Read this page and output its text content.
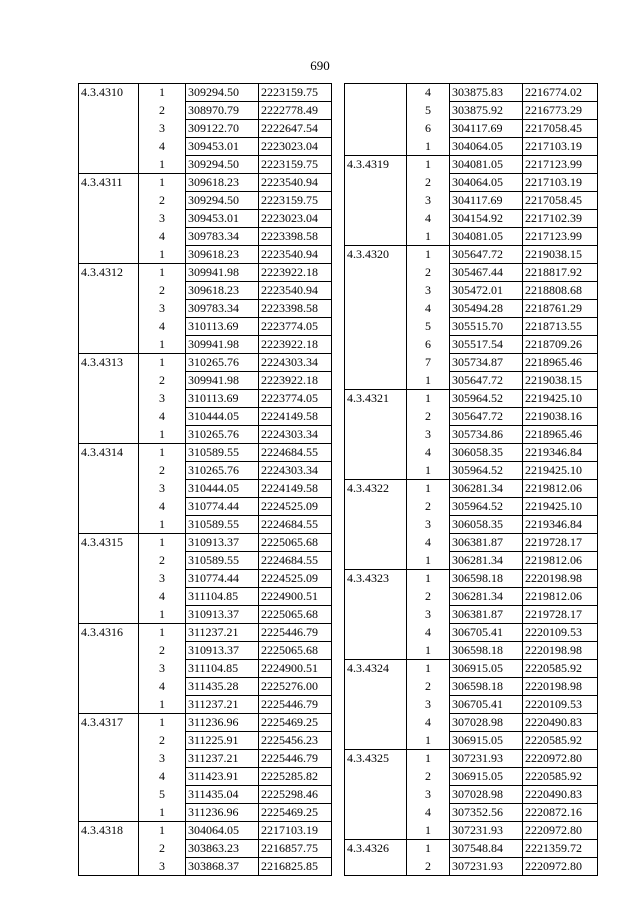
690
4.3.4310	1	309294.50	2223159.75
	2	308970.79	2222778.49
	3	309122.70	2222647.54
	4	309453.01	2223023.04
	1	309294.50	2223159.75
4.3.4311	1	309618.23	2223540.94
	2	309294.50	2223159.75
	3	309453.01	2223023.04
	4	309783.34	2223398.58
	1	309618.23	2223540.94
4.3.4312	1	309941.98	2223922.18
	2	309618.23	2223540.94
	3	309783.34	2223398.58
	4	310113.69	2223774.05
	1	309941.98	2223922.18
4.3.4313	1	310265.76	2224303.34
	2	309941.98	2223922.18
	3	310113.69	2223774.05
	4	310444.05	2224149.58
	1	310265.76	2224303.34
4.3.4314	1	310589.55	2224684.55
	2	310265.76	2224303.34
	3	310444.05	2224149.58
	4	310774.44	2224525.09
	1	310589.55	2224684.55
4.3.4315	1	310913.37	2225065.68
	2	310589.55	2224684.55
	3	310774.44	2224525.09
	4	311104.85	2224900.51
	1	310913.37	2225065.68
4.3.4316	1	311237.21	2225446.79
	2	310913.37	2225065.68
	3	311104.85	2224900.51
	4	311435.28	2225276.00
	1	311237.21	2225446.79
4.3.4317	1	311236.96	2225469.25
	2	311225.91	2225456.23
	3	311237.21	2225446.79
	4	311423.91	2225285.82
	5	311435.04	2225298.46
	1	311236.96	2225469.25
4.3.4318	1	304064.05	2217103.19
	2	303863.23	2216857.75
	3	303868.37	2216825.85
	4	303875.83	2216774.02
	5	303875.92	2216773.29
	6	304117.69	2217058.45
	1	304064.05	2217103.19
4.3.4319	1	304081.05	2217123.99
	2	304064.05	2217103.19
	3	304117.69	2217058.45
	4	304154.92	2217102.39
	1	304081.05	2217123.99
4.3.4320	1	305647.72	2219038.15
	2	305467.44	2218817.92
	3	305472.01	2218808.68
	4	305494.28	2218761.29
	5	305515.70	2218713.55
	6	305517.54	2218709.26
	7	305734.87	2218965.46
	1	305647.72	2219038.15
4.3.4321	1	305964.52	2219425.10
	2	305647.72	2219038.16
	3	305734.86	2218965.46
	4	306058.35	2219346.84
	1	305964.52	2219425.10
4.3.4322	1	306281.34	2219812.06
	2	305964.52	2219425.10
	3	306058.35	2219346.84
	4	306381.87	2219728.17
	1	306281.34	2219812.06
4.3.4323	1	306598.18	2220198.98
	2	306281.34	2219812.06
	3	306381.87	2219728.17
	4	306705.41	2220109.53
	1	306598.18	2220198.98
4.3.4324	1	306915.05	2220585.92
	2	306598.18	2220198.98
	3	306705.41	2220109.53
	4	307028.98	2220490.83
	1	306915.05	2220585.92
4.3.4325	1	307231.93	2220972.80
	2	306915.05	2220585.92
	3	307028.98	2220490.83
	4	307352.56	2220872.16
	1	307231.93	2220972.80
4.3.4326	1	307548.84	2221359.72
	2	307231.93	2220972.80
